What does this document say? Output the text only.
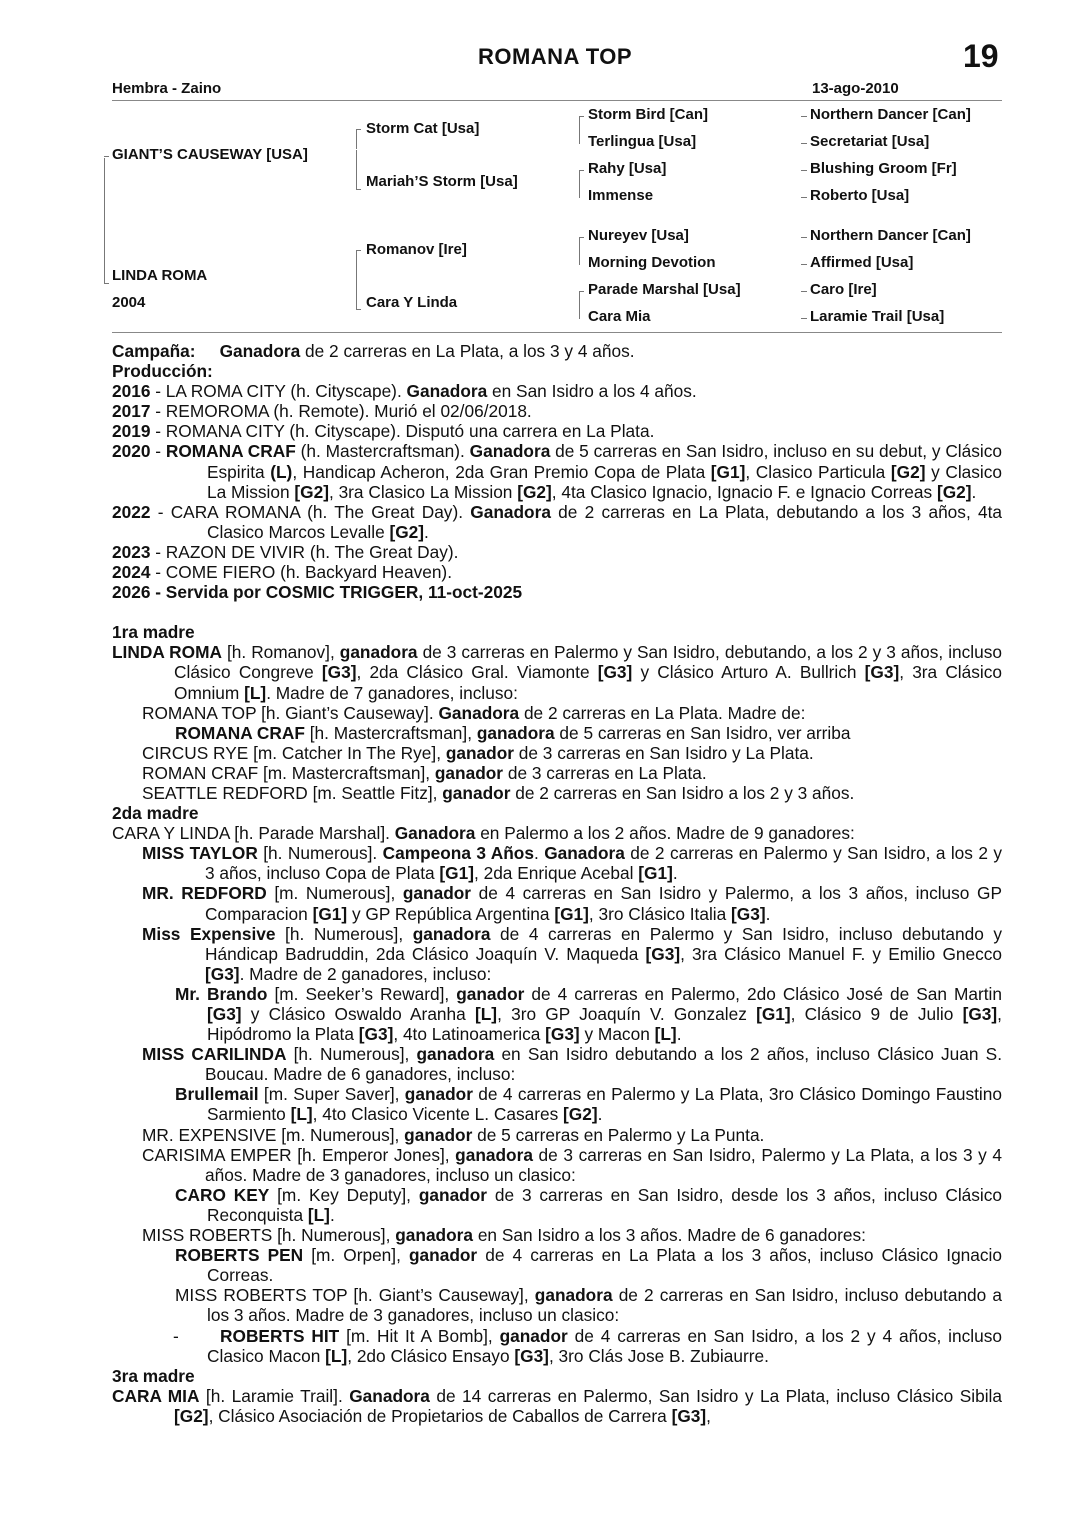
ROMANA TOP	19
Hembra - Zaino	13-ago-2010
GIANT’S CAUSEWAY [USA]
LINDA ROMA
2004
Storm Cat [Usa]
Mariah’S Storm [Usa]
Romanov [Ire]
Cara Y Linda
Storm Bird [Can]
Terlingua [Usa]
Rahy [Usa]
Immense
Nureyev [Usa]
Morning Devotion
Parade Marshal [Usa]
Cara Mia
Northern Dancer [Can]
Secretariat [Usa]
Blushing Groom [Fr]
Roberto [Usa]
Northern Dancer [Can]
Affirmed [Usa]
Caro [Ire]
Laramie Trail [Usa]

Campaña: Ganadora de 2 carreras en La Plata, a los 3 y 4 años.

Producción:

2016 - LA ROMA CITY (h. Cityscape). Ganadora en San Isidro a los 4 años.

2017 - REMOROMA (h. Remote). Murió el 02/06/2018.

2019 - ROMANA CITY (h. Cityscape). Disputó una carrera en La Plata.

2020 - ROMANA CRAF (h. Mastercraftsman). Ganadora de 5 carreras en San Isidro, incluso en su debut, y Clásico Espirita (L), Handicap Acheron, 2da Gran Premio Copa de Plata [G1], Clasico Particula [G2] y Clasico La Mission [G2], 3ra Clasico La Mission [G2], 4ta Clasico Ignacio, Ignacio F. e Ignacio Correas [G2].

2022 - CARA ROMANA (h. The Great Day). Ganadora de 2 carreras en La Plata, debutando a los 3 años, 4ta Clasico Marcos Levalle [G2].

2023 - RAZON DE VIVIR (h. The Great Day).

2024 - COME FIERO (h. Backyard Heaven).

2026 - Servida por COSMIC TRIGGER, 11-oct-2025

1ra madre

LINDA ROMA [h. Romanov], ganadora de 3 carreras en Palermo y San Isidro, debutando, a los 2 y 3 años, incluso Clásico Congreve [G3], 2da Clásico Gral. Viamonte [G3] y Clásico Arturo A. Bullrich [G3], 3ra Clásico Omnium [L]. Madre de 7 ganadores, incluso:

ROMANA TOP [h. Giant’s Causeway]. Ganadora de 2 carreras en La Plata. Madre de:

ROMANA CRAF [h. Mastercraftsman], ganadora de 5 carreras en San Isidro, ver arriba

CIRCUS RYE [m. Catcher In The Rye], ganador de 3 carreras en San Isidro y La Plata.

ROMAN CRAF [m. Mastercraftsman], ganador de 3 carreras en La Plata.

SEATTLE REDFORD [m. Seattle Fitz], ganador de 2 carreras en San Isidro a los 2 y 3 años.

2da madre

CARA Y LINDA [h. Parade Marshal]. Ganadora en Palermo a los 2 años. Madre de 9 ganadores:

MISS TAYLOR [h. Numerous]. Campeona 3 Años. Ganadora de 2 carreras en Palermo y San Isidro, a los 2 y 3 años, incluso Copa de Plata [G1], 2da Enrique Acebal [G1].

MR. REDFORD [m. Numerous], ganador de 4 carreras en San Isidro y Palermo, a los 3 años, incluso GP Comparacion [G1] y GP República Argentina [G1], 3ro Clásico Italia [G3].

Miss Expensive [h. Numerous], ganadora de 4 carreras en Palermo y San Isidro, incluso debutando y Hándicap Badruddin, 2da Clásico Joaquín V. Maqueda [G3], 3ra Clásico Manuel F. y Emilio Gnecco [G3]. Madre de 2 ganadores, incluso:

Mr. Brando [m. Seeker’s Reward], ganador de 4 carreras en Palermo, 2do Clásico José de San Martin [G3] y Clásico Oswaldo Aranha [L], 3ro GP Joaquín V. Gonzalez [G1], Clásico 9 de Julio [G3], Hipódromo la Plata [G3], 4to Latinoamerica [G3] y Macon [L].

MISS CARILINDA [h. Numerous], ganadora en San Isidro debutando a los 2 años, incluso Clásico Juan S. Boucau. Madre de 6 ganadores, incluso:

Brullemail [m. Super Saver], ganador de 4 carreras en Palermo y La Plata, 3ro Clásico Domingo Faustino Sarmiento [L], 4to Clasico Vicente L. Casares [G2].

MR. EXPENSIVE [m. Numerous], ganador de 5 carreras en Palermo y La Punta.

CARISIMA EMPER [h. Emperor Jones], ganadora de 3 carreras en San Isidro, Palermo y La Plata, a los 3 y 4 años. Madre de 3 ganadores, incluso un clasico:

CARO KEY [m. Key Deputy], ganador de 3 carreras en San Isidro, desde los 3 años, incluso Clásico Reconquista [L].

MISS ROBERTS [h. Numerous], ganadora en San Isidro a los 3 años. Madre de 6 ganadores:

ROBERTS PEN [m. Orpen], ganador de 4 carreras en La Plata a los 3 años, incluso Clásico Ignacio Correas.

MISS ROBERTS TOP [h. Giant’s Causeway], ganadora de 2 carreras en San Isidro, incluso debutando a los 3 años. Madre de 3 ganadores, incluso un clasico:

- ROBERTS HIT [m. Hit It A Bomb], ganador de 4 carreras en San Isidro, a los 2 y 4 años, incluso Clasico Macon [L], 2do Clásico Ensayo [G3], 3ro Clás Jose B. Zubiaurre.

3ra madre

CARA MIA [h. Laramie Trail]. Ganadora de 14 carreras en Palermo, San Isidro y La Plata, incluso Clásico Sibila [G2], Clásico Asociación de Propietarios de Caballos de Carrera [G3],
